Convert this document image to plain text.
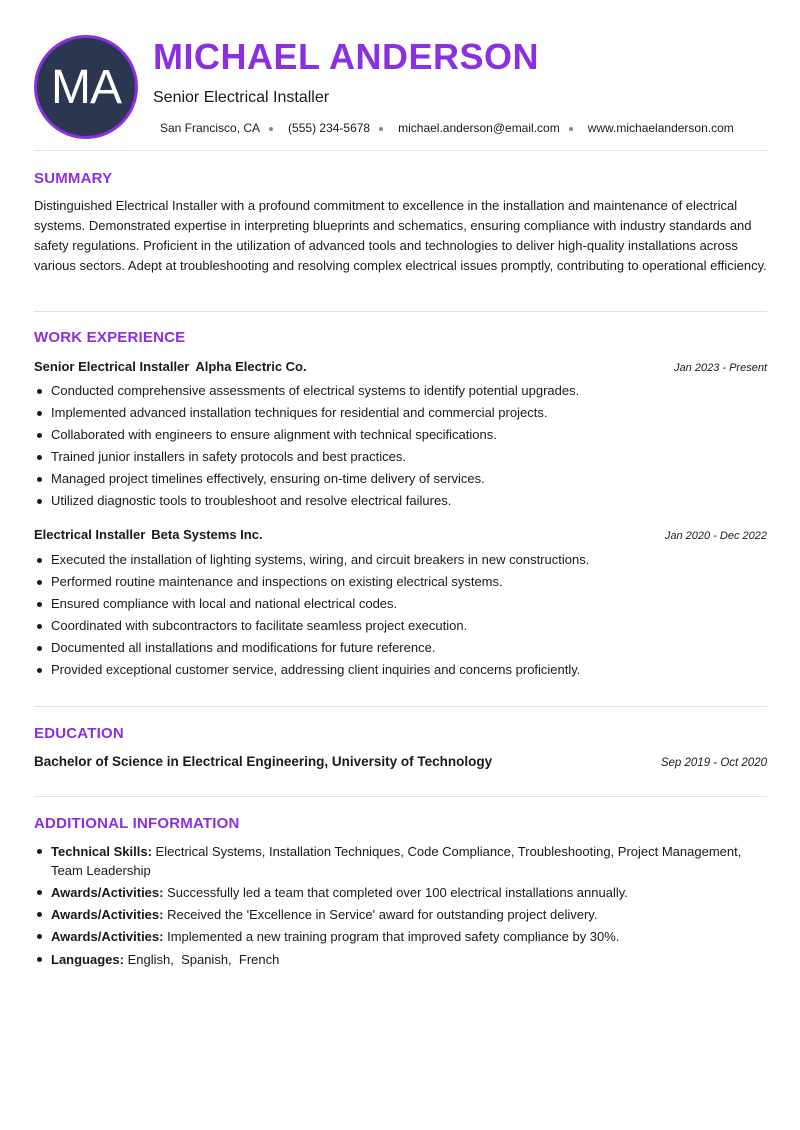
MA
MICHAEL ANDERSON
Senior Electrical Installer
San Francisco, CA (555) 234-5678 michael.anderson@email.com www.michaelanderson.com
SUMMARY
Distinguished Electrical Installer with a profound commitment to excellence in the installation and maintenance of electrical systems. Demonstrated expertise in interpreting blueprints and schematics, ensuring compliance with industry standards and safety regulations. Proficient in the utilization of advanced tools and technologies to deliver high-quality installations across various sectors. Adept at troubleshooting and resolving complex electrical issues promptly, contributing to operational efficiency.
WORK EXPERIENCE
Senior Electrical Installer Alpha Electric Co.	Jan 2023 - Present
Conducted comprehensive assessments of electrical systems to identify potential upgrades.
Implemented advanced installation techniques for residential and commercial projects.
Collaborated with engineers to ensure alignment with technical specifications.
Trained junior installers in safety protocols and best practices.
Managed project timelines effectively, ensuring on-time delivery of services.
Utilized diagnostic tools to troubleshoot and resolve electrical failures.
Electrical Installer Beta Systems Inc.	Jan 2020 - Dec 2022
Executed the installation of lighting systems, wiring, and circuit breakers in new constructions.
Performed routine maintenance and inspections on existing electrical systems.
Ensured compliance with local and national electrical codes.
Coordinated with subcontractors to facilitate seamless project execution.
Documented all installations and modifications for future reference.
Provided exceptional customer service, addressing client inquiries and concerns proficiently.
EDUCATION
Bachelor of Science in Electrical Engineering, University of Technology	Sep 2019 - Oct 2020
ADDITIONAL INFORMATION
Technical Skills: Electrical Systems, Installation Techniques, Code Compliance, Troubleshooting, Project Management, Team Leadership
Awards/Activities: Successfully led a team that completed over 100 electrical installations annually.
Awards/Activities: Received the 'Excellence in Service' award for outstanding project delivery.
Awards/Activities: Implemented a new training program that improved safety compliance by 30%.
Languages: English,  Spanish,  French
